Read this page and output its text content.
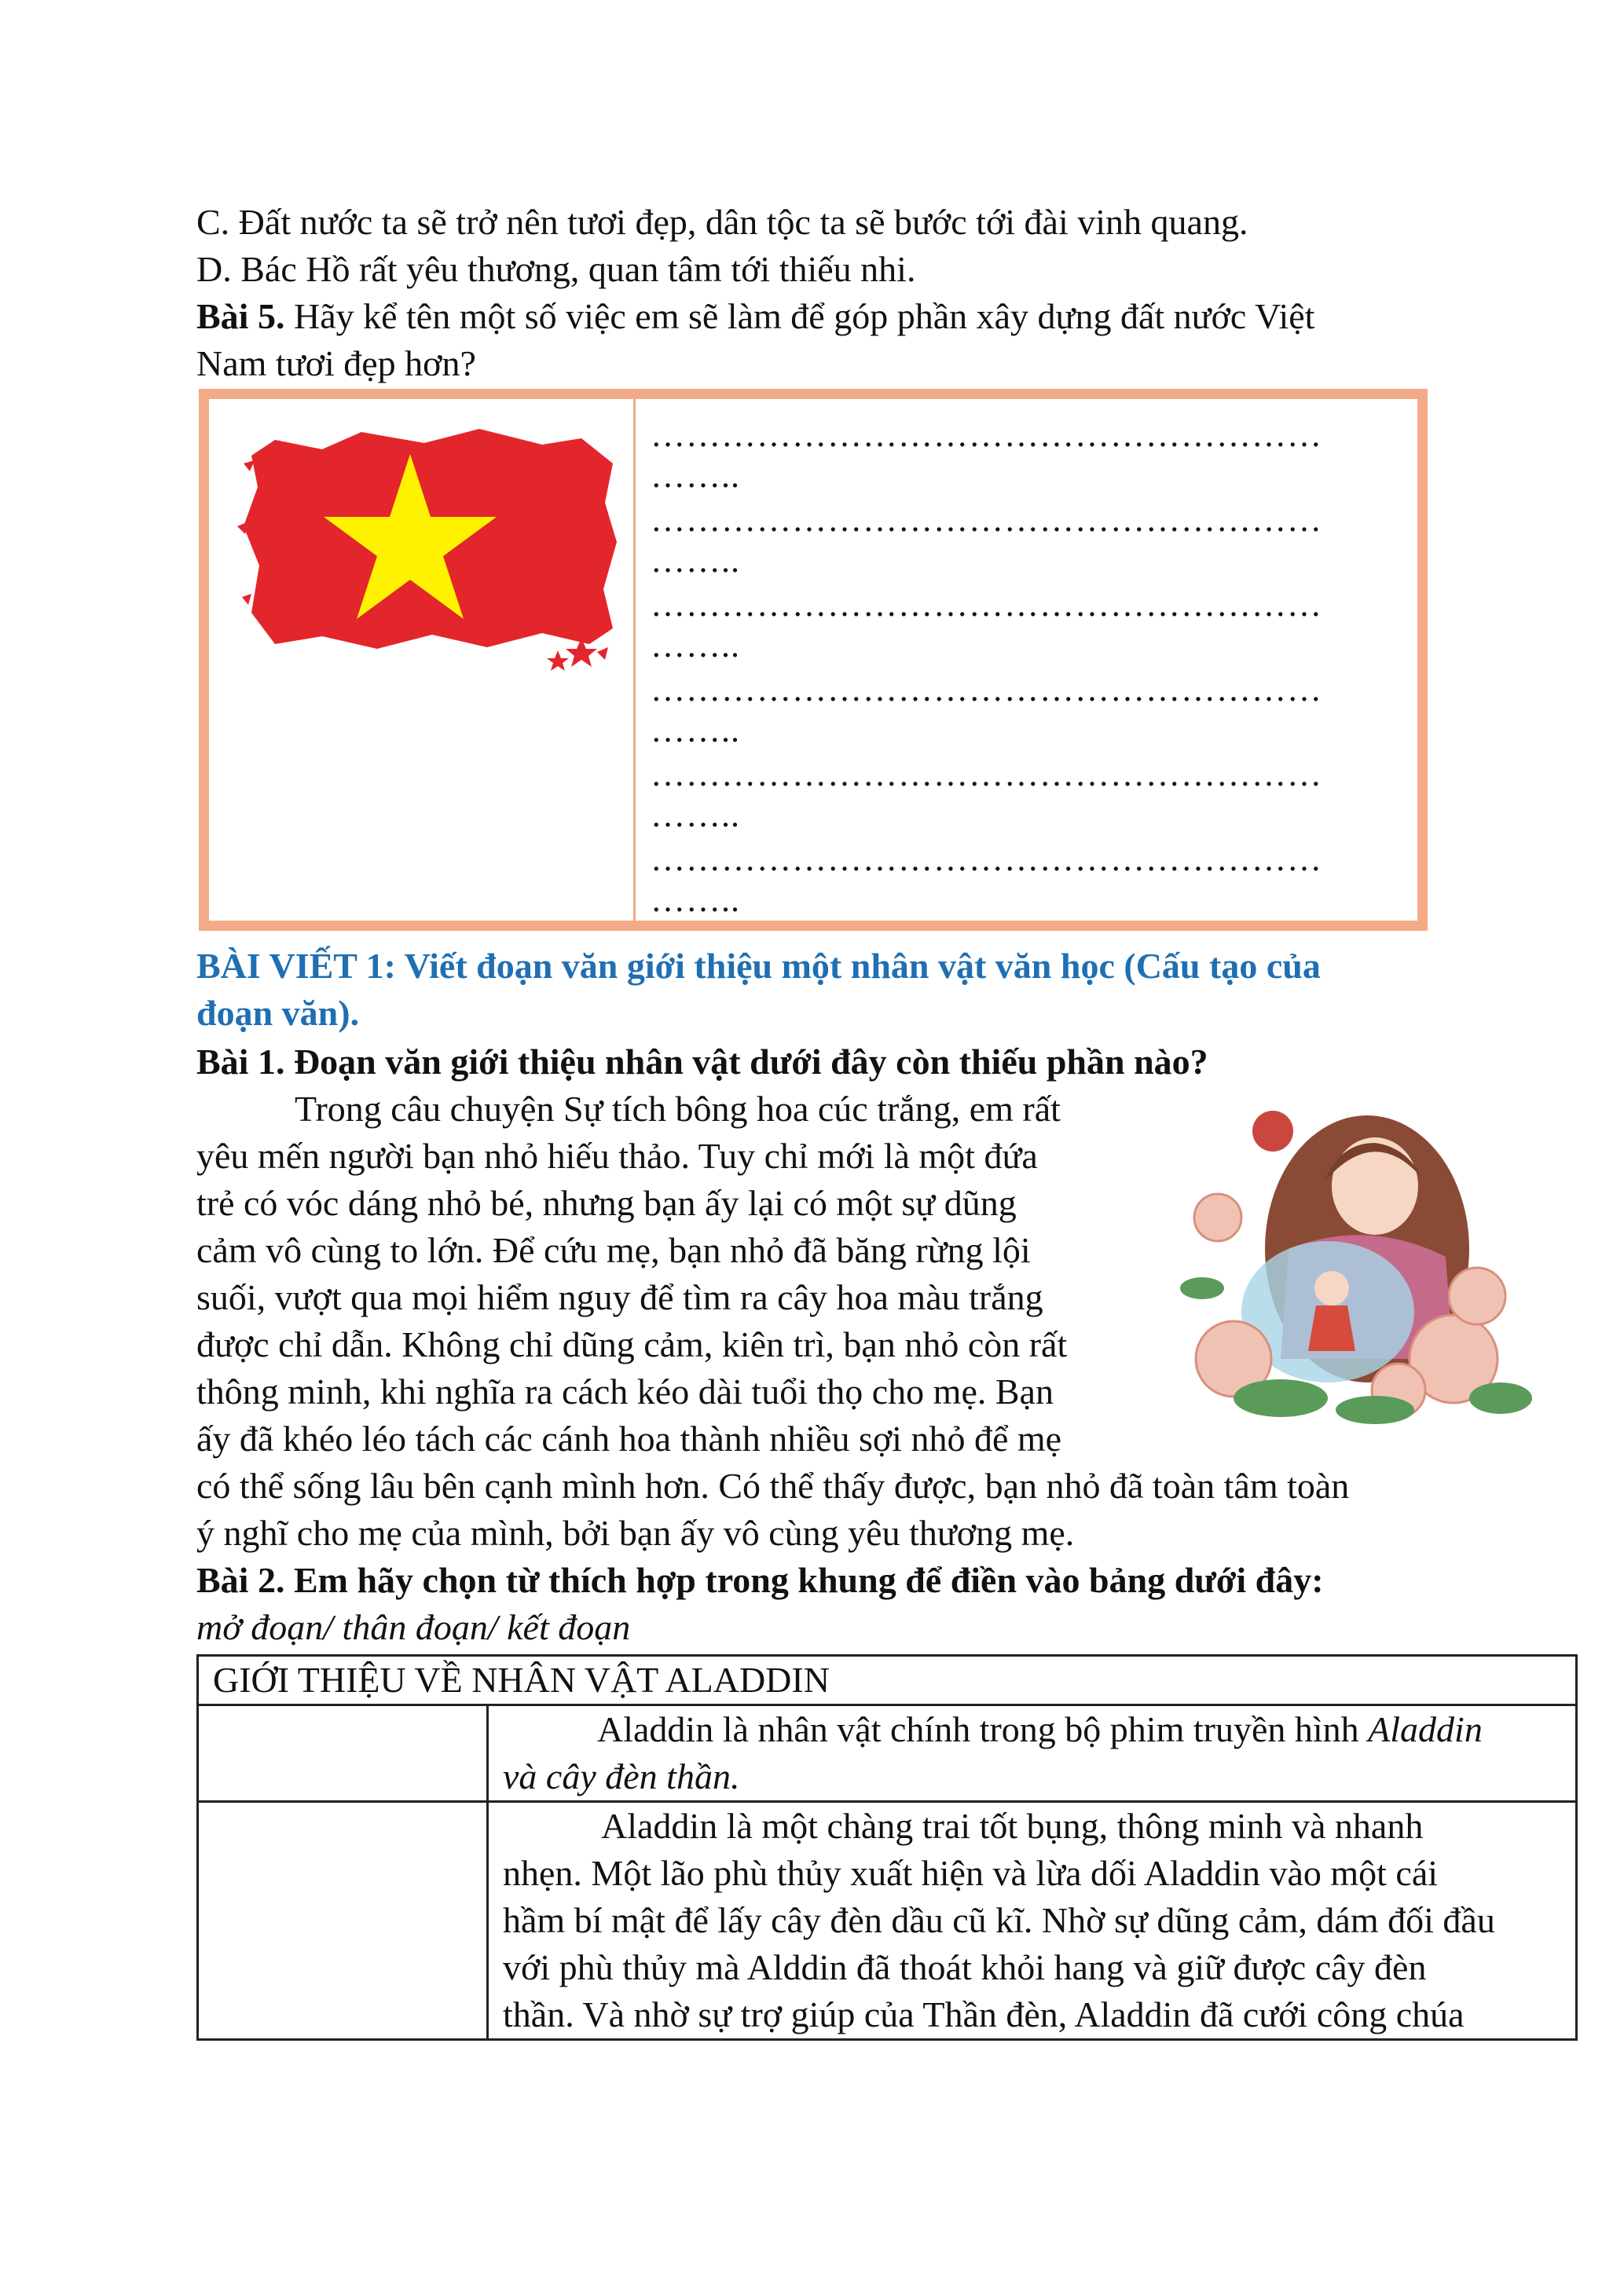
C. Đất nước ta sẽ trở nên tươi đẹp, dân tộc ta sẽ bước tới đài vinh quang.
D. Bác Hồ rất yêu thương, quan tâm tới thiếu nhi.
Bài 5. Hãy kể tên một số việc em sẽ làm để góp phần xây dựng đất nước Việt
Nam tươi đẹp hơn?
…………………………………………………
……..
…………………………………………………
……..
…………………………………………………
……..
…………………………………………………
……..
…………………………………………………
……..
…………………………………………………
……..
BÀI VIẾT 1: Viết đoạn văn giới thiệu một nhân vật văn học (Cấu tạo của
đoạn văn).
Bài 1. Đoạn văn giới thiệu nhân vật dưới đây còn thiếu phần nào?
Trong câu chuyện Sự tích bông hoa cúc trắng, em rất
yêu mến người bạn nhỏ hiếu thảo. Tuy chỉ mới là một đứa
trẻ có vóc dáng nhỏ bé, nhưng bạn ấy lại có một sự dũng
cảm vô cùng to lớn. Để cứu mẹ, bạn nhỏ đã băng rừng lội
suối, vượt qua mọi hiểm nguy để tìm ra cây hoa màu trắng
được chỉ dẫn. Không chỉ dũng cảm, kiên trì, bạn nhỏ còn rất
thông minh, khi nghĩa ra cách kéo dài tuổi thọ cho mẹ. Bạn
ấy đã khéo léo tách các cánh hoa thành nhiều sợi nhỏ để mẹ
có thể sống lâu bên cạnh mình hơn. Có thể thấy được, bạn nhỏ đã toàn tâm toàn
ý nghĩ cho mẹ của mình, bởi bạn ấy vô cùng yêu thương mẹ.
Bài 2. Em hãy chọn từ thích hợp trong khung để điền vào bảng dưới đây:
mở đoạn/ thân đoạn/ kết đoạn
GIỚI THIỆU VỀ NHÂN VẬT ALADDIN	

	Aladdin là nhân vật chính trong bộ phim truyền hình Aladdin
và cây đèn thần.

	Aladdin là một chàng trai tốt bụng, thông minh và nhanh
nhẹn. Một lão phù thủy xuất hiện và lừa dối Aladdin vào một cái
hầm bí mật để lấy cây đèn dầu cũ kĩ. Nhờ sự dũng cảm, dám đối đầu
với phù thủy mà Alddin đã thoát khỏi hang và giữ được cây đèn
thần. Và nhờ sự trợ giúp của Thần đèn, Aladdin đã cưới công chúa
